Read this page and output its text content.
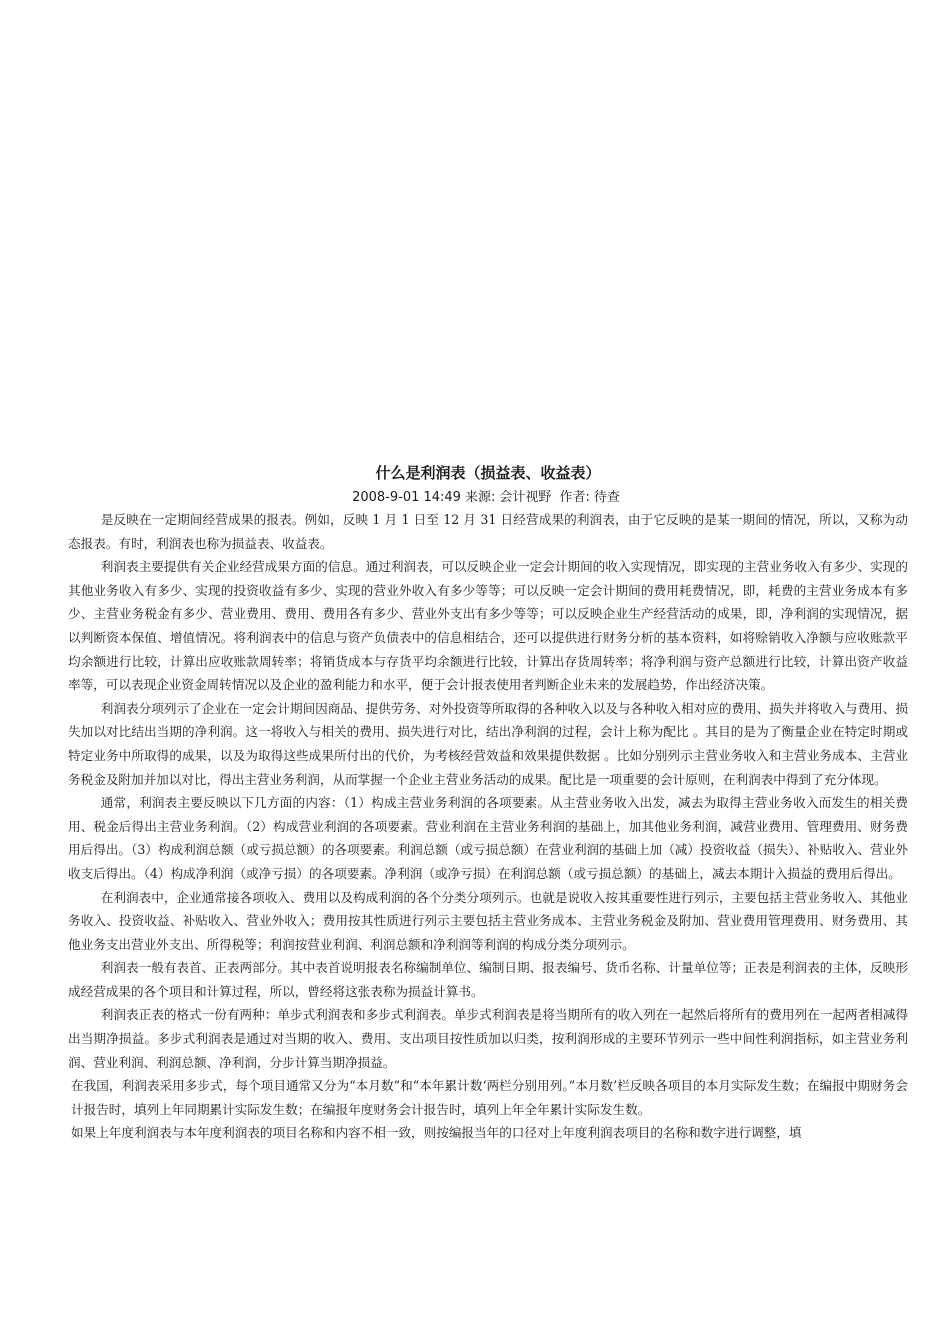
什么是利润表（损益表、收益表）
2008-9-01 14:49 来源: 会计视野 作者: 待查

是反映在一定期间经营成果的报表。例如，反映 1 月 1 日至 12 月 31 日经营成果的利润表，由于它反映的是某一期间的情况，所以，又称为动态报表。有时，利润表也称为损益表、收益表。

利润表主要提供有关企业经营成果方面的信息。通过利润表，可以反映企业一定会计期间的收入实现情况，即实现的主营业务收入有多少、实现的其他业务收入有多少、实现的投资收益有多少、实现的营业外收入有多少等等；可以反映一定会计期间的费用耗费情况，即，耗费的主营业务成本有多少、主营业务税金有多少、营业费用、费用、费用各有多少、营业外支出有多少等等；可以反映企业生产经营活动的成果，即，净利润的实现情况，据以判断资本保值、增值情况。将利润表中的信息与资产负债表中的信息相结合，还可以提供进行财务分析的基本资料，如将赊销收入净额与应收账款平均余额进行比较，计算出应收账款周转率；将销货成本与存货平均余额进行比较，计算出存货周转率；将净利润与资产总额进行比较，计算出资产收益率等，可以表现企业资金周转情况以及企业的盈利能力和水平，便于会计报表使用者判断企业未来的发展趋势，作出经济决策。

利润表分项列示了企业在一定会计期间因商品、提供劳务、对外投资等所取得的各种收入以及与各种收入相对应的费用、损失并将收入与费用、损失加以对比结出当期的净利润。这一将收入与相关的费用、损失进行对比，结出净利润的过程，会计上称为配比 。其目的是为了衡量企业在特定时期或特定业务中所取得的成果，以及为取得这些成果所付出的代价，为考核经营效益和效果提供数据 。比如分别列示主营业务收入和主营业务成本、主营业务税金及附加并加以对比，得出主营业务利润，从而掌握一个企业主营业务活动的成果。配比是一项重要的会计原则，在利润表中得到了充分体现。

通常，利润表主要反映以下几方面的内容：（1）构成主营业务利润的各项要素。从主营业务收入出发，减去为取得主营业务收入而发生的相关费用、税金后得出主营业务利润。（2）构成营业利润的各项要素。营业利润在主营业务利润的基础上，加其他业务利润，减营业费用、管理费用、财务费用后得出。（3）构成利润总额（或亏损总额）的各项要素。利润总额（或亏损总额）在营业利润的基础上加（减）投资收益（损失）、补贴收入、营业外收支后得出。（4）构成净利润（或净亏损）的各项要素。净利润（或净亏损）在利润总额（或亏损总额）的基础上，减去本期计入损益的费用后得出。

在利润表中，企业通常接各项收入、费用以及构成利润的各个分类分项列示。也就是说收入按其重要性进行列示，主要包括主营业务收入、其他业务收入、投资收益、补贴收入、营业外收入；费用按其性质进行列示主要包括主营业务成本、主营业务税金及附加、营业费用管理费用、财务费用、其他业务支出营业外支出、所得税等；利润按营业利润、利润总额和净利润等利润的构成分类分项列示。

利润表一般有表首、正表两部分。其中表首说明报表名称编制单位、编制日期、报表编号、货币名称、计量单位等；正表是利润表的主体，反映形成经营成果的各个项目和计算过程，所以，曾经将这张表称为损益计算书。

利润表正表的格式一份有两种：单步式利润表和多步式利润表。单步式利润表是将当期所有的收入列在一起然后将所有的费用列在一起两者相减得出当期净损益。多步式利润表是通过对当期的收入、费用、支出项目按性质加以归类，按利润形成的主要环节列示一些中间性利润指标，如主营业务利润、营业利润、利润总额、净利润，分步计算当期净损益。

在我国，利润表采用多步式，每个项目通常又分为“本月数”和“本年累计数‘两栏分别用列。”本月数’栏反映各项目的本月实际发生数；在编报中期财务会计报告时，填列上年同期累计实际发生数；在编报年度财务会计报告时，填列上年全年累计实际发生数。

如果上年度利润表与本年度利润表的项目名称和内容不相一致，则按编报当年的口径对上年度利润表项目的名称和数字进行调整，填
